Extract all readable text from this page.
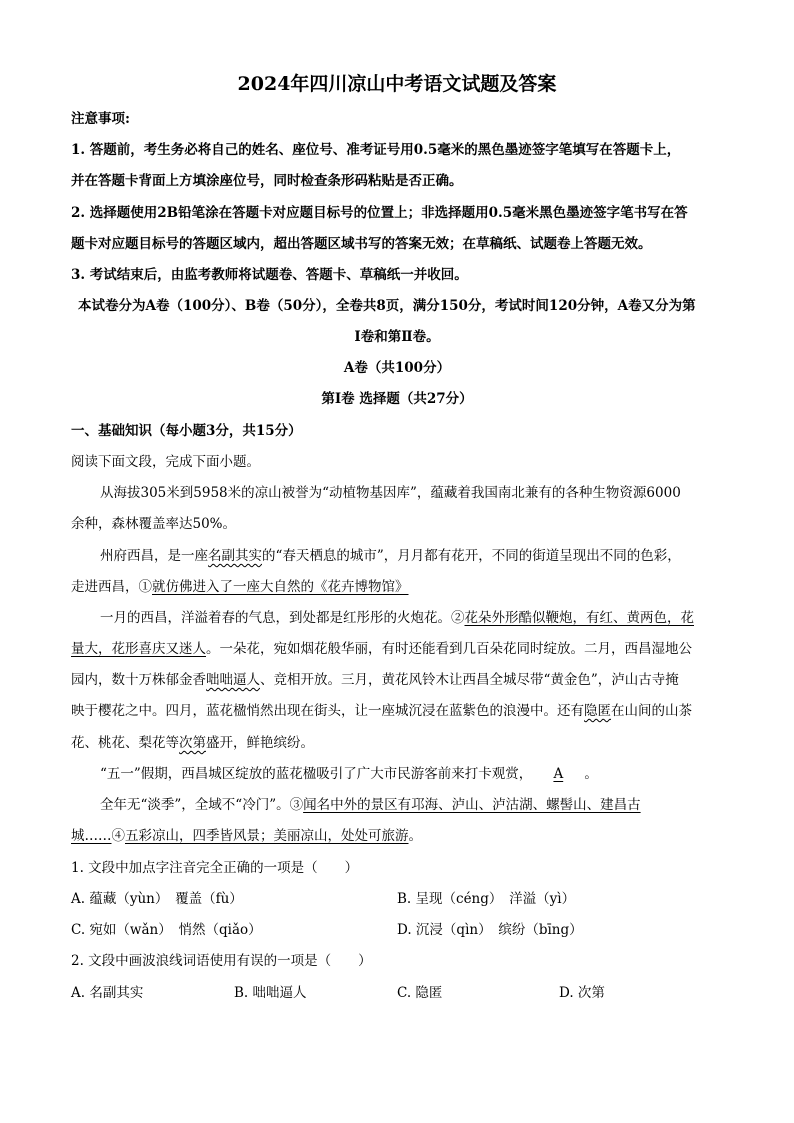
2024年四川凉山中考语文试题及答案
注意事项:
1. 答题前，考生务必将自己的姓名、座位号、准考证号用0.5毫米的黑色墨迹签字笔填写在答题卡上，
并在答题卡背面上方填涂座位号，同时检查条形码粘贴是否正确。
2. 选择题使用2B铅笔涂在答题卡对应题目标号的位置上；非选择题用0.5毫米黑色墨迹签字笔书写在答
题卡对应题目标号的答题区域内，超出答题区域书写的答案无效；在草稿纸、试题卷上答题无效。
3. 考试结束后，由监考教师将试题卷、答题卡、草稿纸一并收回。
本试卷分为A卷（100分）、B卷（50分），全卷共8页，满分150分，考试时间120分钟，A卷又分为第
Ⅰ卷和第Ⅱ卷。
A卷（共100分）
第Ⅰ卷 选择题（共27分）
一、基础知识（每小题3分，共15分）
阅读下面文段，完成下面小题。
从海拔305米到5958米的凉山被誉为“动植物基因库”，蕴藏着我国南北兼有的各种生物资源6000
余种，森林覆盖率达50%。
州府西昌，是一座名副其实的“春天栖息的城市”，月月都有花开，不同的街道呈现出不同的色彩，
走进西昌，①就仿佛进入了一座大自然的《花卉博物馆》
一月的西昌，洋溢着春的气息，到处都是红彤彤的火炮花。②花朵外形酷似鞭炮，有红、黄两色，花
量大，花形喜庆又迷人。一朵花，宛如烟花般华丽，有时还能看到几百朵花同时绽放。二月，西昌湿地公
园内，数十万株郁金香咄咄逼人、竞相开放。三月，黄花风铃木让西昌全城尽带“黄金色”，泸山古寺掩
映于樱花之中。四月，蓝花楹悄然出现在街头，让一座城沉浸在蓝紫色的浪漫中。还有隐匿在山间的山茶
花、桃花、梨花等次第盛开，鲜艳缤纷。
“五一”假期，西昌城区绽放的蓝花楹吸引了广大市民游客前来打卡观赏， A 。
全年无“淡季”，全域不“冷门”。③闻名中外的景区有邛海、泸山、泸沽湖、螺髻山、建昌古
城……④五彩凉山，四季皆风景；美丽凉山，处处可旅游。
1. 文段中加点字注音完全正确的一项是（　　）
A. 蕴藏（yùn）　覆盖（fù）	B. 呈现（céng）　洋溢（yì）
C. 宛如（wǎn）　悄然（qiǎo）	D. 沉浸（qìn）　缤纷（bīng）
2. 文段中画波浪线词语使用有误的一项是（　　）
A. 名副其实	B. 咄咄逼人	C. 隐匿	D. 次第
